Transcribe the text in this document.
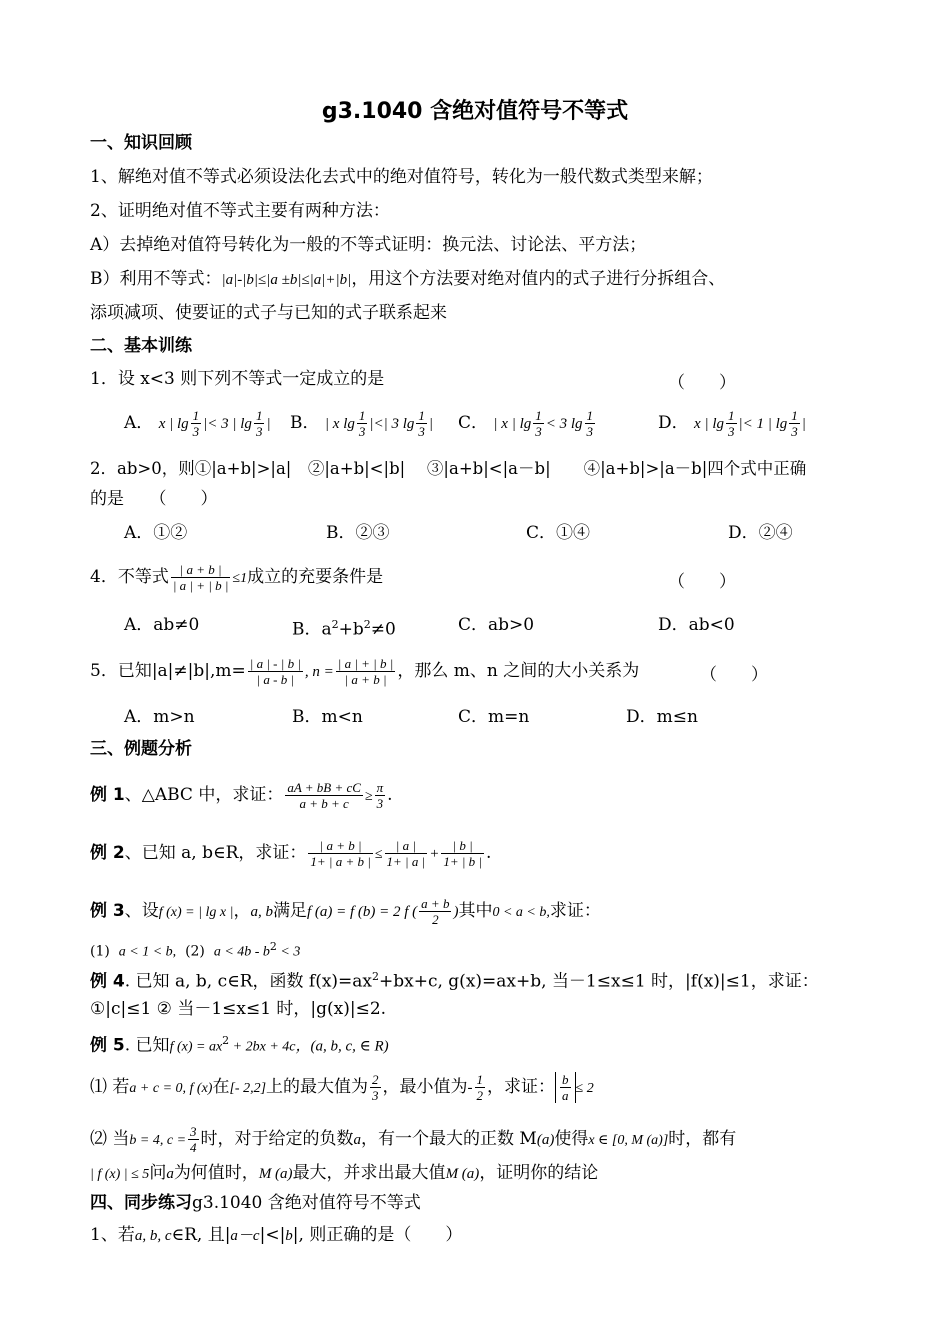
g3.1040 含绝对值符号不等式
一、知识回顾
1、解绝对值不等式必须设法化去式中的绝对值符号，转化为一般代数式类型来解；
2、证明绝对值不等式主要有两种方法：
A）去掉绝对值符号转化为一般的不等式证明：换元法、讨论法、平方法；
B）利用不等式：|a|-|b|≤|a ±b|≤|a|+|b|，用这个方法要对绝对值内的式子进行分拆组合、
添项减项、使要证的式子与已知的式子联系起来
二、基本训练
1．设 x<3 则下列不等式一定成立的是	（　　）
A． x | $\lg \frac{1}{3}$ |< 3 | $\lg \frac{1}{3}$ | B． | x $\lg \frac{1}{3}$ |<| 3 $\lg \frac{1}{3}$ | C． | x | $\lg \frac{1}{3} < 3$ $\lg \frac{1}{3}$	D． x | $\lg \frac{1}{3}$ |< 1 | $\lg \frac{1}{3}$ |
2．ab>0，则①|a+b|>|a|　②|a+b|<|b|　 ③|a+b|<|a－b|　　④|a+b|>|a－b|四个式中正确
的是　　（　　）
A．①②	B．②③	C．①④	D．②④
4．不等式 $\frac{| a + b |}{| a | + | b |} \le 1$成立的充要条件是	（　　）
A．ab≠0	B．$a^2+b^2\ne 0$	C．ab>0	D．ab<0
5．已知$|a|\ne|b|,m= \frac{| a | - | b |}{| a - b |}$ , $n = \frac{| a | + | b |}{| a + b |}$ ，那么 m、n 之间的大小关系为	（　　）
A．m>n	B．m<n	C．m=n	D．m≤n
三、例题分析
例 1、△ABC 中，求证： $\frac{aA + bB + cC}{a + b + c} \ge \frac{\pi}{3}$ .
例 2、已知 a, b∈R，求证： $\frac{| a + b |}{1+ | a + b |} \le \frac{| a |}{1+ | a |} + \frac{| b |}{1+ | b |}$ .
例 3、设f (x) = | lg x |，a, b满足f (a) = f (b) = 2 f ( $\frac{a + b}{2}$ )其中0 < a < b,求证：
(1) a < 1 < b, (2) $a < 4b - b^2 < 3$
例 4. 已知 a, b, c∈R，函数 $f(x)=ax^2+bx+c$, g(x)=ax+b, 当－1≤x≤1 时，|f(x)|≤1，求证：
①|c|≤1 ② 当－1≤x≤1 时，|g(x)|≤2.
例 5. 已知f $(x) = ax^2 + 2bx + 4c$，(a, b, c, ∈ R)
⑴ 若a + c = 0, f (x)在[- 2,2]上的最大值为 $\frac{2}{3}$ ，最小值为- $\frac{1}{2}$ ，求证： $\frac{b}{a} \le 2$
⑵ 当b = 4, $c = \frac{3}{4}$ 时，对于给定的负数a，有一个最大的正数 M(a)使得x ∈ [0, M (a)]时，都有
| f (x) | ≤ 5问a为何值时，M (a)最大，并求出最大值M (a)，证明你的结论
四、同步练习g3.1040 含绝对值符号不等式
1、若a, b, c∈R, 且|a－c|<|b|, 则正确的是（　　）
